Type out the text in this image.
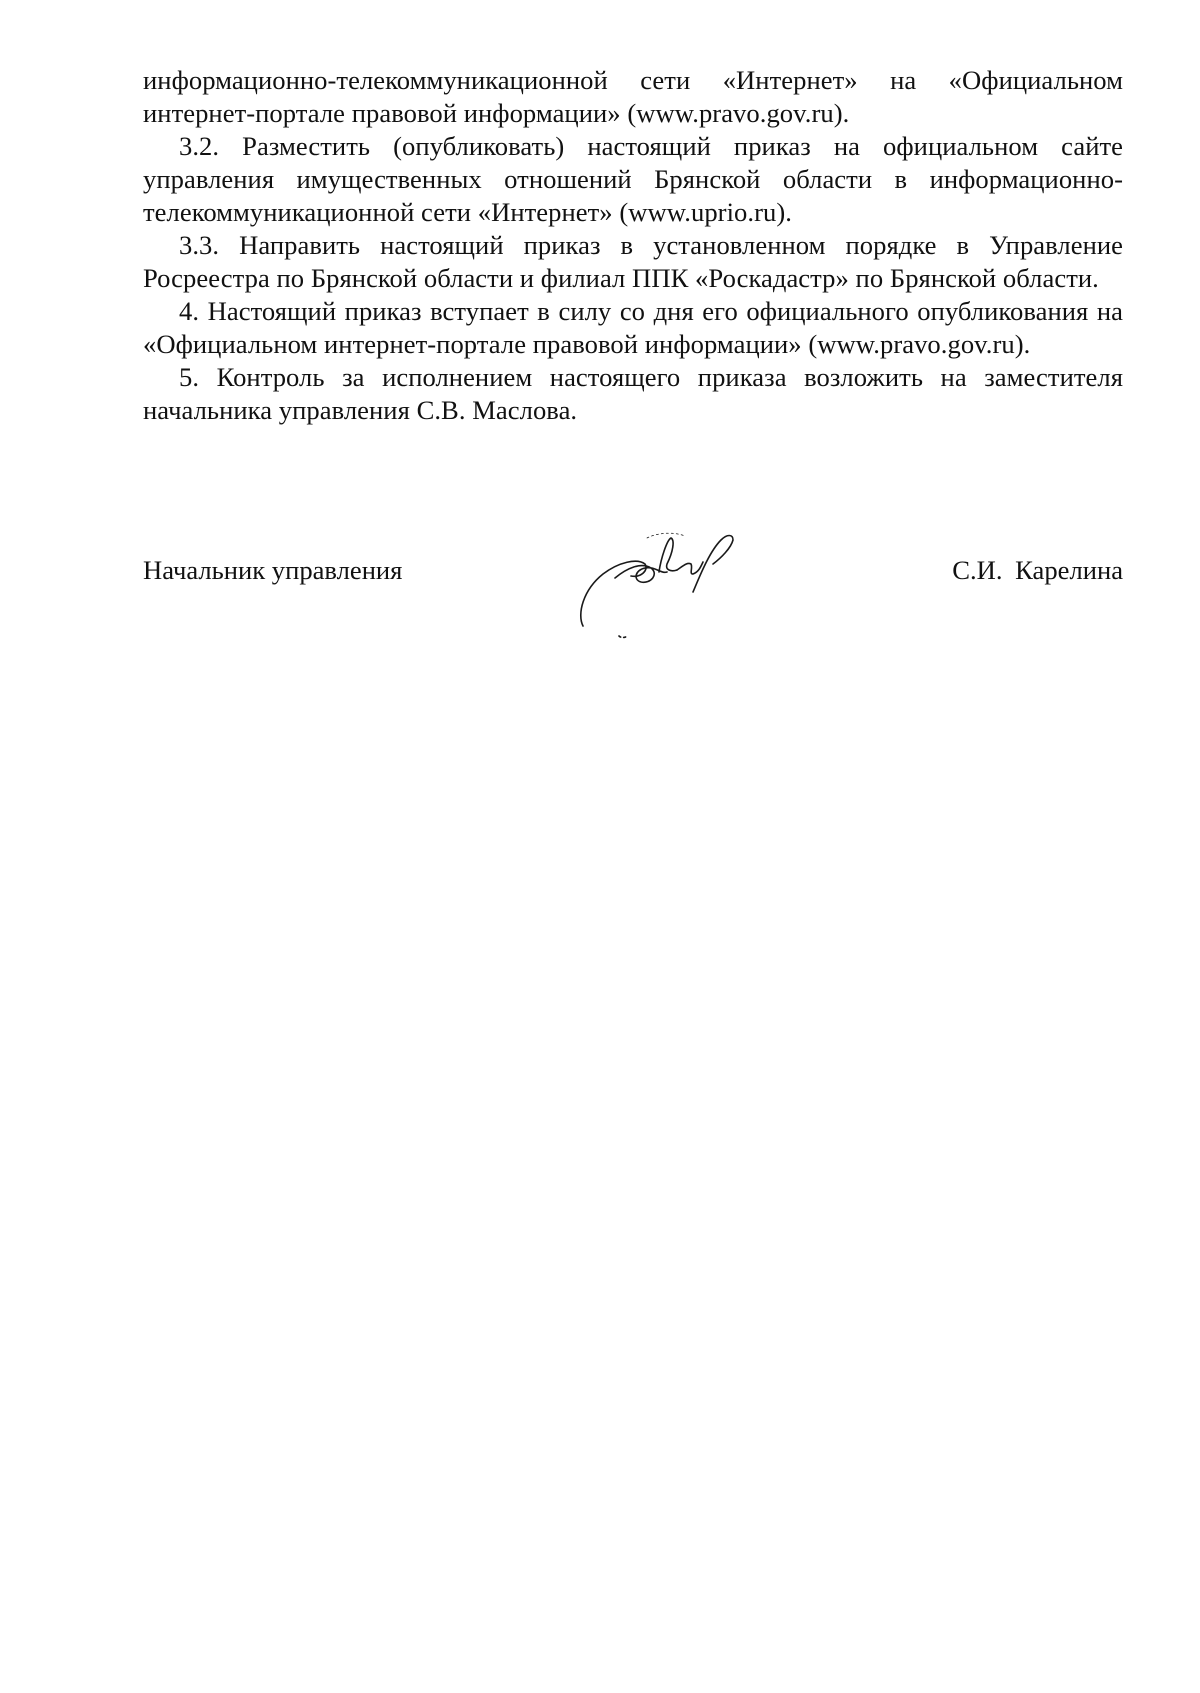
информационно-телекоммуникационной сети «Интернет» на «Официальном интернет-портале правовой информации» (www.pravo.gov.ru).

3.2. Разместить (опубликовать) настоящий приказ на официальном сайте управления имущественных отношений Брянской области в информационно-телекоммуникационной сети «Интернет» (www.uprio.ru).

3.3. Направить настоящий приказ в установленном порядке в Управление Росреестра по Брянской области и филиал ППК «Роскадастр» по Брянской области.

4. Настоящий приказ вступает в силу со дня его официального опубликования на «Официальном интернет-портале правовой информации» (www.pravo.gov.ru).

5. Контроль за исполнением настоящего приказа возложить на заместителя начальника управления С.В. Маслова.

Начальник управления	С.И. Карелина
